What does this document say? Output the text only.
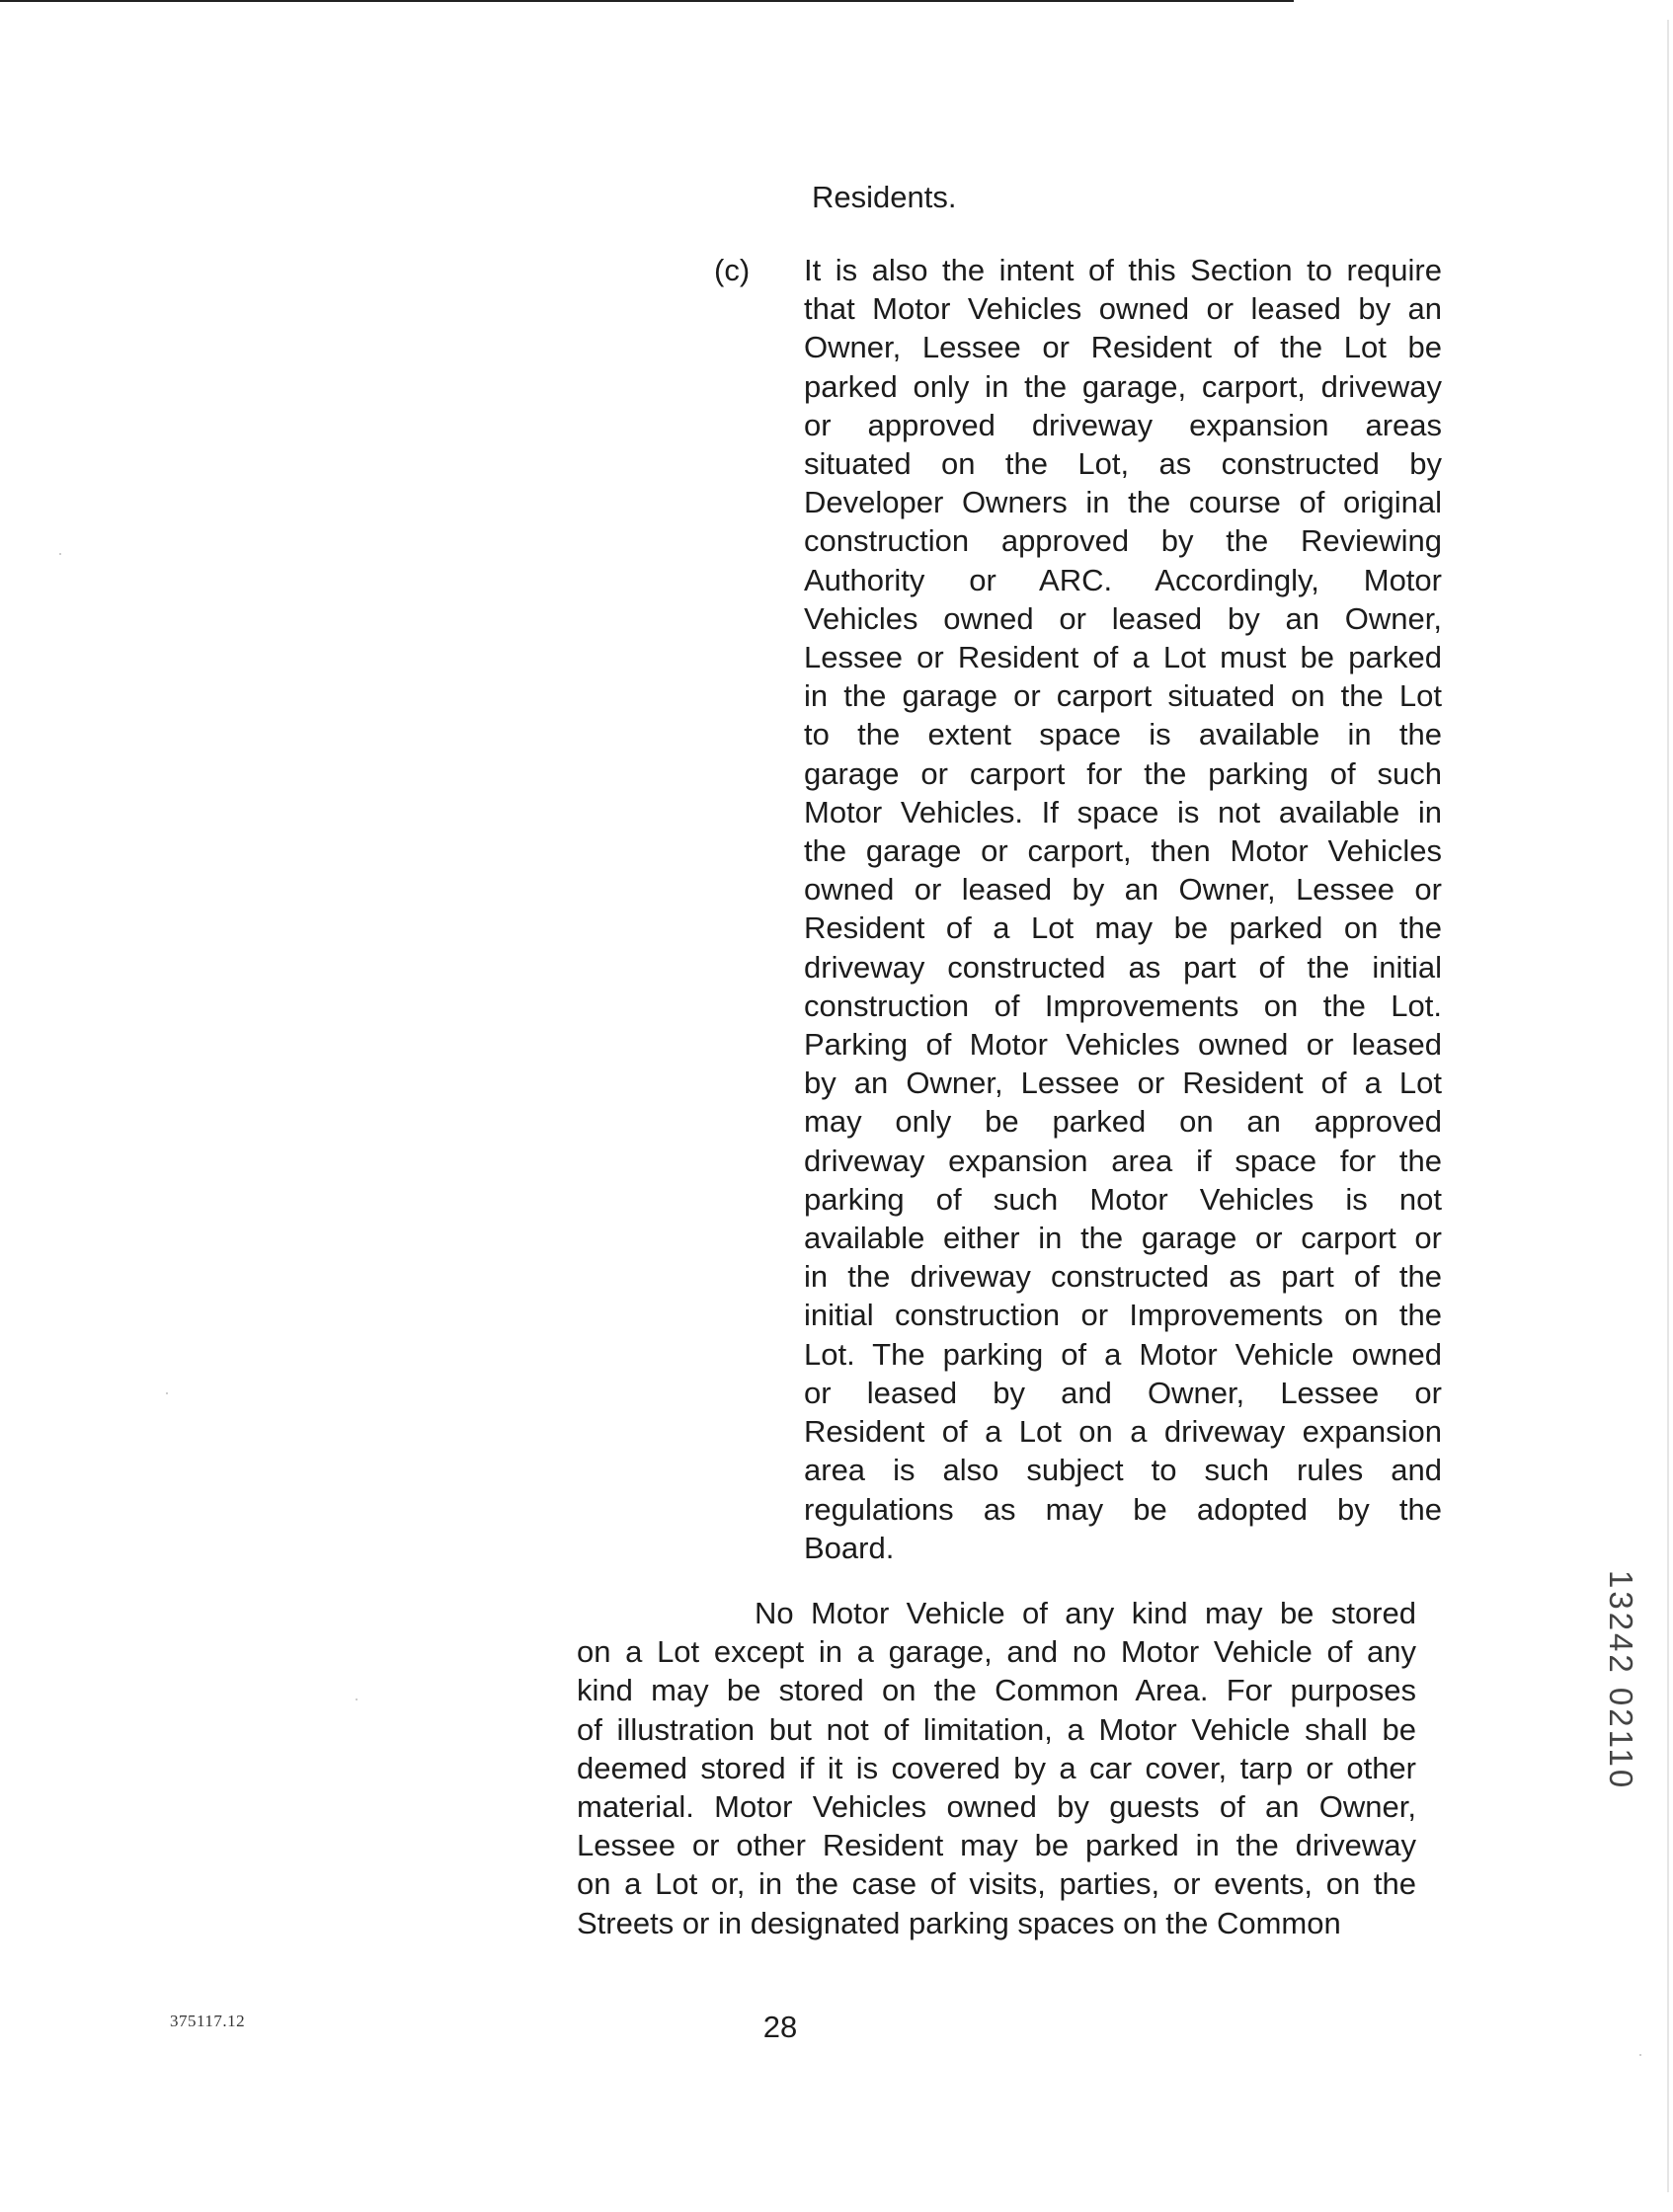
Residents.
(c) It is also the intent of this Section to require
that Motor Vehicles owned or leased by an
Owner, Lessee or Resident of the Lot be
parked only in the garage, carport, driveway
or approved driveway expansion areas
situated on the Lot, as constructed by
Developer Owners in the course of original
construction approved by the Reviewing
Authority or ARC. Accordingly, Motor
Vehicles owned or leased by an Owner,
Lessee or Resident of a Lot must be parked
in the garage or carport situated on the Lot
to the extent space is available in the
garage or carport for the parking of such
Motor Vehicles. If space is not available in
the garage or carport, then Motor Vehicles
owned or leased by an Owner, Lessee or
Resident of a Lot may be parked on the
driveway constructed as part of the initial
construction of Improvements on the Lot.
Parking of Motor Vehicles owned or leased
by an Owner, Lessee or Resident of a Lot
may only be parked on an approved
driveway expansion area if space for the
parking of such Motor Vehicles is not
available either in the garage or carport or
in the driveway constructed as part of the
initial construction or Improvements on the
Lot. The parking of a Motor Vehicle owned
or leased by and Owner, Lessee or
Resident of a Lot on a driveway expansion
area is also subject to such rules and
regulations as may be adopted by the
Board.
No Motor Vehicle of any kind may be stored
on a Lot except in a garage, and no Motor Vehicle of any
kind may be stored on the Common Area. For purposes
of illustration but not of limitation, a Motor Vehicle shall be
deemed stored if it is covered by a car cover, tarp or other
material. Motor Vehicles owned by guests of an Owner,
Lessee or other Resident may be parked in the driveway
on a Lot or, in the case of visits, parties, or events, on the
Streets or in designated parking spaces on the Common
375117.12	28
13242 02110
